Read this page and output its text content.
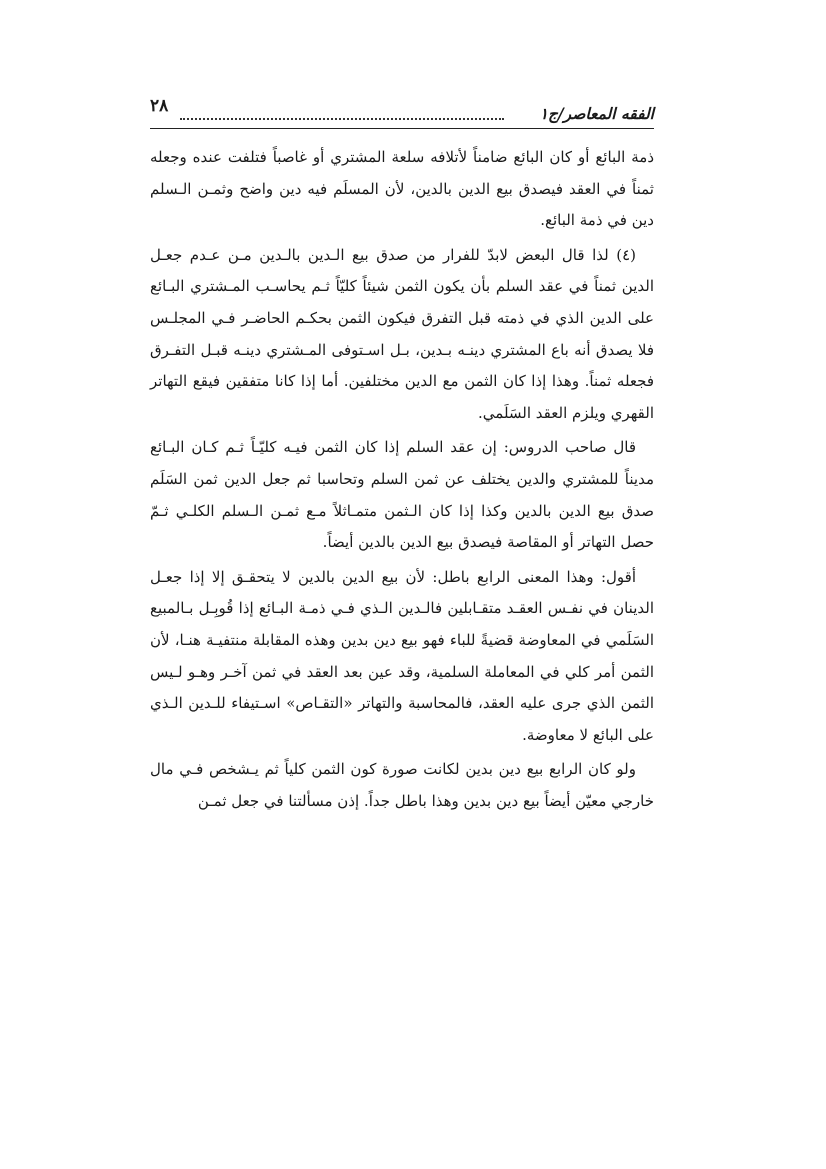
٢٨	الفقه المعاصر/ج١

ذمة البائع أو كان البائع ضامناً لأتلافه سلعة المشتري أو غاصباً فتلفت عنده وجعله ثمناً في العقد فيصدق بيع الدين بالدين، لأن المسلَم فيه دين واضح وثمـن الـسلم دين في ذمة البائع.

(٤) لذا قال البعض لابدّ للفرار من صدق بيع الـدين بالـدين مـن عـدم جعـل الدين ثمناً في عقد السلم بأن يكون الثمن شيئاً كليّاً ثـم يحاسـب المـشتري البـائع على الدين الذي في ذمته قبل التفرق فيكون الثمن بحكـم الحاضـر فـي المجلـس فلا يصدق أنه باع المشتري دينـه بـدين، بـل اسـتوفى المـشتري دينـه قبـل التفـرق فجعله ثمناً. وهذا إذا كان الثمن مع الدين مختلفين. أما إذا كانا متفقين فيقع التهاتر القهري ويلزم العقد السَلَمي.

قال صاحب الدروس: إن عقد السلم إذا كان الثمن فيـه كليّـاً ثـم كـان البـائع مديناً للمشتري والدين يختلف عن ثمن السلم وتحاسبا ثم جعل الدين ثمن السَلَم صدق بيع الدين بالدين وكذا إذا كان الـثمن متمـاثلاً مـع ثمـن الـسلم الكلـي ثـمّ حصل التهاتر أو المقاصة فيصدق بيع الدين بالدين أيضاً.

أقول: وهذا المعنى الرابع باطل: لأن بيع الدين بالدين لا يتحقـق إلا إذا جعـل الدينان في نفـس العقـد متقـابلين فالـدين الـذي فـي ذمـة البـائع إذا قُوبِـل بـالمبيع السَلَمي في المعاوضة قضيةً للباء فهو بيع دين بدين وهذه المقابلة منتفيـة هنـا، لأن الثمن أمر كلي في المعاملة السلمية، وقد عين بعد العقد في ثمن آخـر وهـو لـيس الثمن الذي جرى عليه العقد، فالمحاسبة والتهاتر «التقـاص» اسـتيفاء للـدين الـذي على البائع لا معاوضة.

ولو كان الرابع بيع دين بدين لكانت صورة كون الثمن كلياً ثم يـشخص فـي مال خارجي معيّن أيضاً بيع دين بدين وهذا باطل جداً. إذن مسألتنا في جعل ثمـن
